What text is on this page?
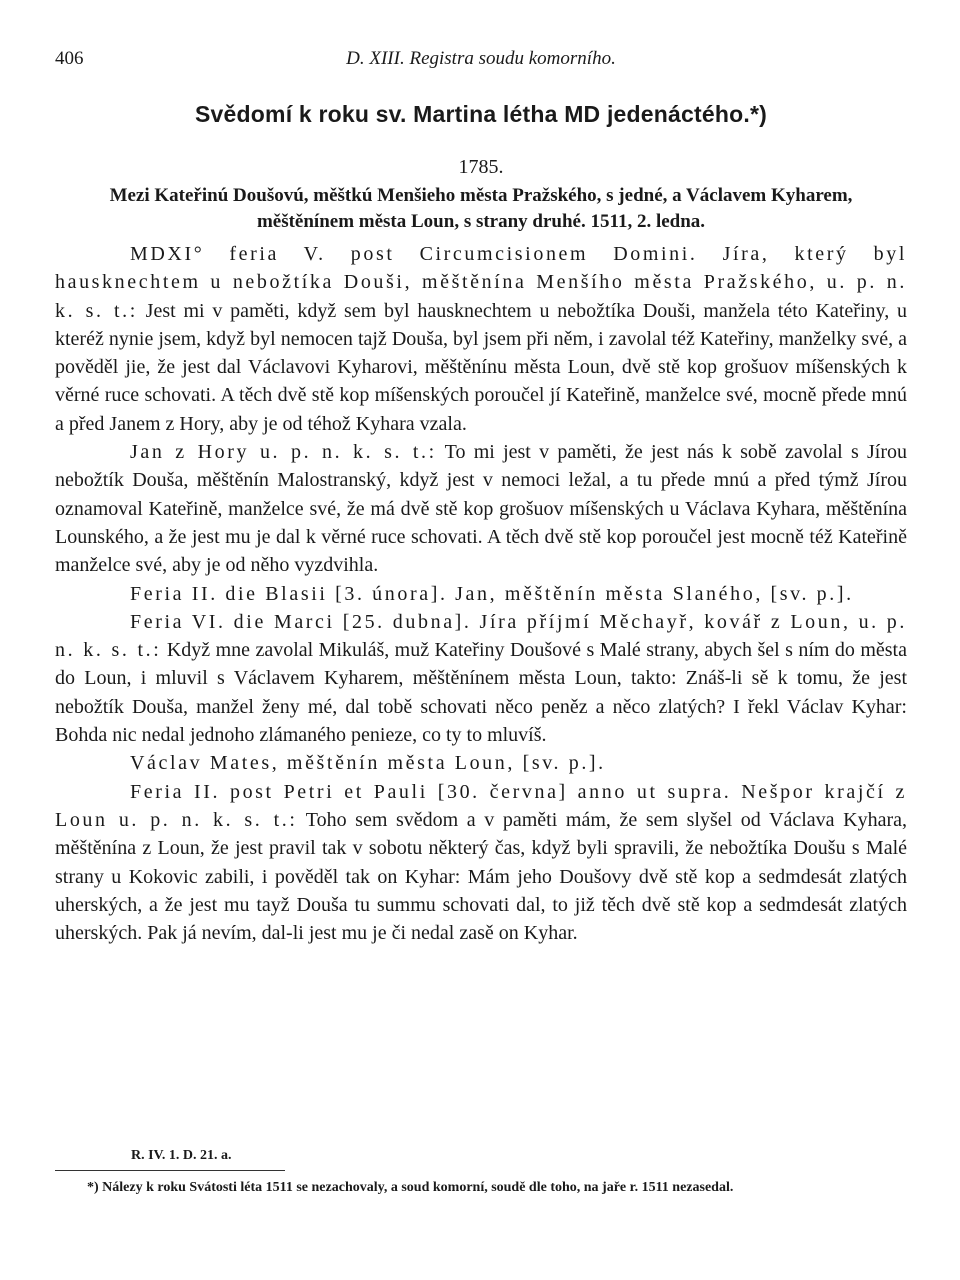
406	D. XIII. Registra soudu komorního.
Svědomí k roku sv. Martina létha MD jedenáctého.*)
1785.
Mezi Kateřinú Doušovú, měštkú Menšieho města Pražského, s jedné, a Václavem Kyharem,
měštěnínem města Loun, s strany druhé. 1511, 2. ledna.

MDXI° feria V. post Circumcisionem Domini. Jíra, který byl hausknechtem u nebožtíka Douši, měštěnína Menšího města Pražského, u. p. n. k. s. t.: Jest mi v paměti, když sem byl hausknechtem u nebožtíka Douši, manžela této Kateřiny, u kteréž nynie jsem, když byl nemocen tajž Douša, byl jsem při něm, i zavolal též Kateřiny, manželky své, a pověděl jie, že jest dal Václavovi Kyharovi, měštěnínu města Loun, dvě stě kop grošuov míšenských k věrné ruce schovati. A těch dvě stě kop míšenských poroučel jí Kateřině, manželce své, mocně přede mnú a před Janem z Hory, aby je od téhož Kyhara vzala.

Jan z Hory u. p. n. k. s. t.: To mi jest v paměti, že jest nás k sobě zavolal s Jírou nebožtík Douša, měštěnín Malostranský, když jest v nemoci ležal, a tu přede mnú a před týmž Jírou oznamoval Kateřině, manželce své, že má dvě stě kop grošuov míšenských u Václava Kyhara, měštěnína Lounského, a že jest mu je dal k věrné ruce schovati. A těch dvě stě kop poroučel jest mocně též Kateřině manželce své, aby je od něho vyzdvihla.

Feria II. die Blasii [3. února]. Jan, měštěnín města Slaného, [sv. p.].

Feria VI. die Marci [25. dubna]. Jíra příjmí Měchayř, kovář z Loun, u. p. n. k. s. t.: Když mne zavolal Mikuláš, muž Kateřiny Doušové s Malé strany, abych šel s ním do města do Loun, i mluvil s Václavem Kyharem, měštěnínem města Loun, takto: Znáš-li sě k tomu, že jest nebožtík Douša, manžel ženy mé, dal tobě schovati něco peněz a něco zlatých? I řekl Václav Kyhar: Bohda nic nedal jednoho zlámaného penieze, co ty to mluvíš.

Václav Mates, měštěnín města Loun, [sv. p.].

Feria II. post Petri et Pauli [30. června] anno ut supra. Nešpor krajčí z Loun u. p. n. k. s. t.: Toho sem svědom a v paměti mám, že sem slyšel od Václava Kyhara, měštěnína z Loun, že jest pravil tak v sobotu některý čas, když byli spravili, že nebožtíka Doušu s Malé strany u Kokovic zabili, i pověděl tak on Kyhar: Mám jeho Doušovy dvě stě kop a sedmdesát zlatých uherských, a že jest mu tayž Douša tu summu schovati dal, to již těch dvě stě kop a sedmdesát zlatých uherských. Pak já nevím, dal-li jest mu je či nedal zasě on Kyhar.

R. IV. 1. D. 21. a.
*) Nálezy k roku Svátosti léta 1511 se nezachovaly, a soud komorní, soudě dle toho, na jaře r. 1511 nezasedal.
